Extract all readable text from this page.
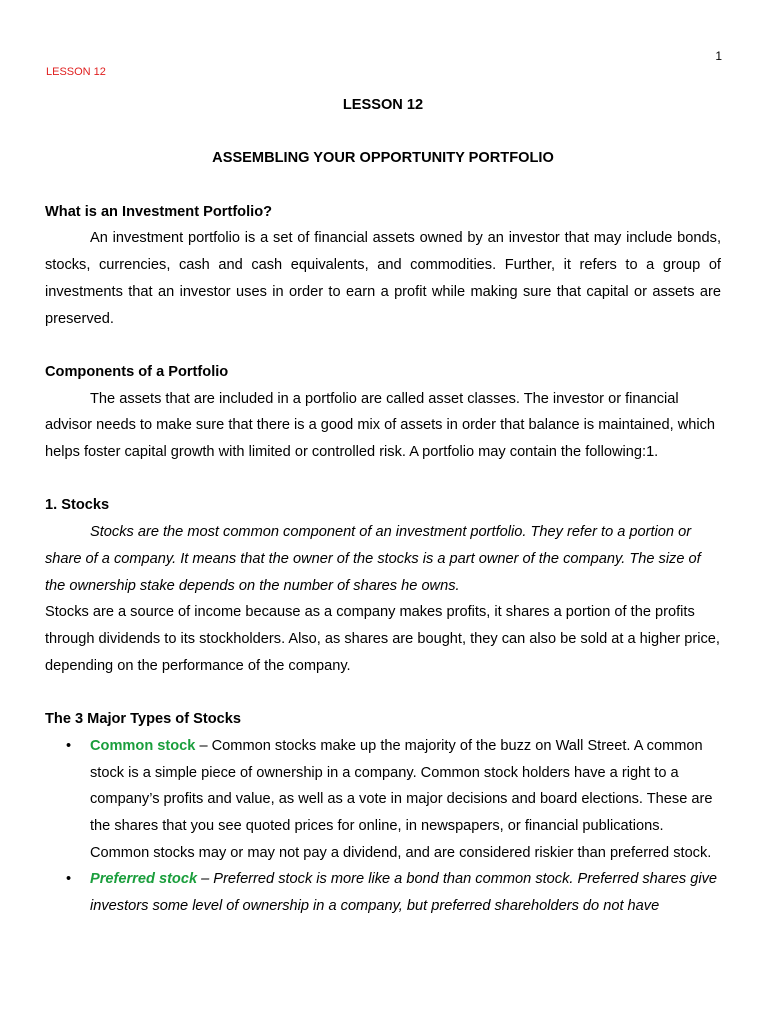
1
LESSON 12
LESSON 12
ASSEMBLING YOUR OPPORTUNITY PORTFOLIO
What is an Investment Portfolio?

An investment portfolio is a set of financial assets owned by an investor that may include bonds, stocks, currencies, cash and cash equivalents, and commodities. Further, it refers to a group of investments that an investor uses in order to earn a profit while making sure that capital or assets are preserved.

Components of a Portfolio

The assets that are included in a portfolio are called asset classes. The investor or financial advisor needs to make sure that there is a good mix of assets in order that balance is maintained, which helps foster capital growth with limited or controlled risk. A portfolio may contain the following:1.

1. Stocks

Stocks are the most common component of an investment portfolio. They refer to a portion or share of a company. It means that the owner of the stocks is a part owner of the company. The size of the ownership stake depends on the number of shares he owns.

Stocks are a source of income because as a company makes profits, it shares a portion of the profits through dividends to its stockholders. Also, as shares are bought, they can also be sold at a higher price, depending on the performance of the company.

The 3 Major Types of Stocks
• Common stock – Common stocks make up the majority of the buzz on Wall Street. A common stock is a simple piece of ownership in a company. Common stock holders have a right to a company’s profits and value, as well as a vote in major decisions and board elections. These are the shares that you see quoted prices for online, in newspapers, or financial publications. Common stocks may or may not pay a dividend, and are considered riskier than preferred stock.
• Preferred stock – Preferred stock is more like a bond than common stock. Preferred shares give investors some level of ownership in a company, but preferred shareholders do not have
